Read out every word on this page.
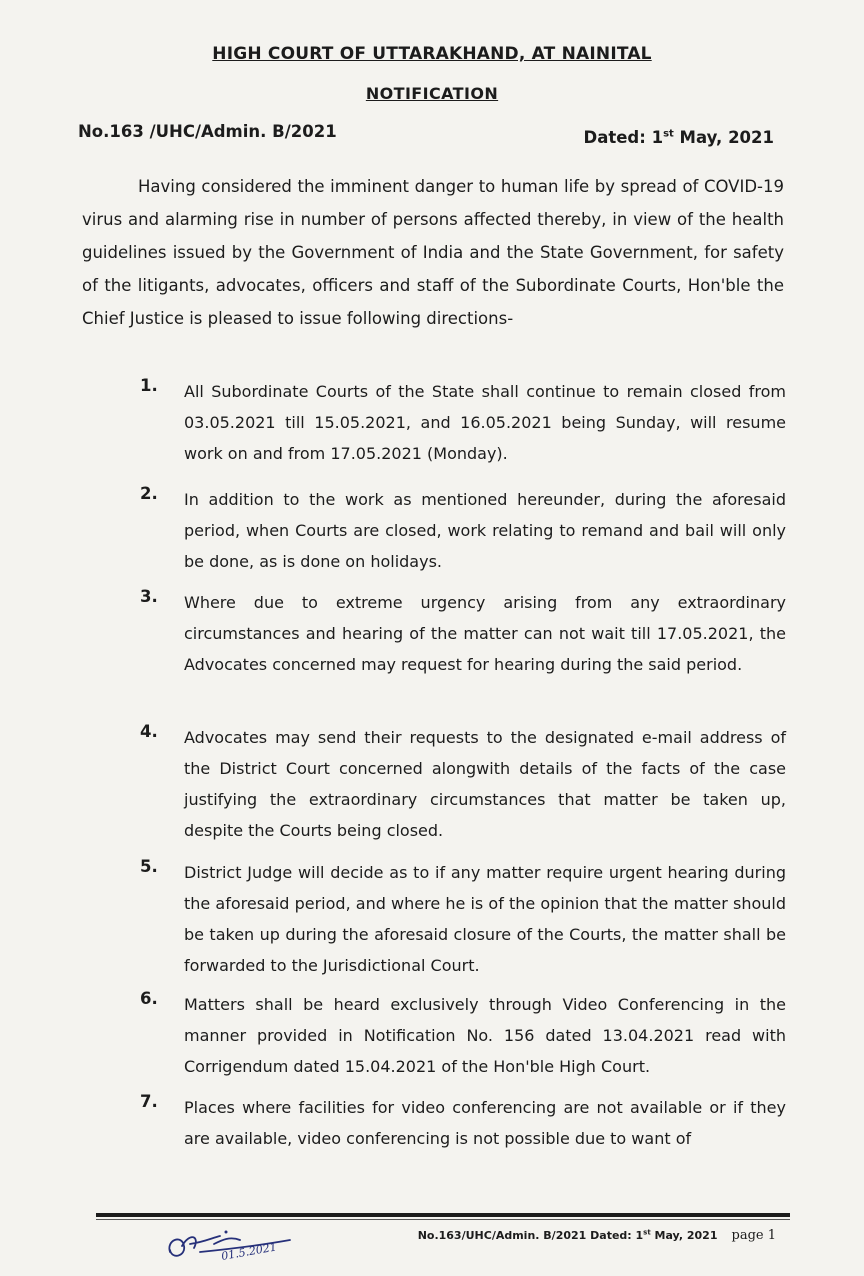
HIGH COURT OF UTTARAKHAND, AT NAINITAL
NOTIFICATION
No.163 /UHC/Admin. B/2021	Dated: 1st May, 2021
Having considered the imminent danger to human life by spread of COVID-19 virus and alarming rise in number of persons affected thereby, in view of the health guidelines issued by the Government of India and the State Government, for safety of the litigants, advocates, officers and staff of the Subordinate Courts, Hon'ble the Chief Justice is pleased to issue following directions-
1.	All Subordinate Courts of the State shall continue to remain closed from 03.05.2021 till 15.05.2021, and 16.05.2021 being Sunday, will resume work on and from 17.05.2021 (Monday).
2.	In addition to the work as mentioned hereunder, during the aforesaid period, when Courts are closed, work relating to remand and bail will only be done, as is done on holidays.
3.	Where due to extreme urgency arising from any extraordinary circumstances and hearing of the matter can not wait till 17.05.2021, the Advocates concerned may request for hearing during the said period.
4.	Advocates may send their requests to the designated e-mail address of the District Court concerned alongwith details of the facts of the case justifying the extraordinary circumstances that matter be taken up, despite the Courts being closed.
5.	District Judge will decide as to if any matter require urgent hearing during the aforesaid period, and where he is of the opinion that the matter should be taken up during the aforesaid closure of the Courts, the matter shall be forwarded to the Jurisdictional Court.
6.	Matters shall be heard exclusively through Video Conferencing in the manner provided in Notification No. 156 dated 13.04.2021 read with Corrigendum dated 15.04.2021 of the Hon'ble High Court.
7.	Places where facilities for video conferencing are not available or if they are available, video conferencing is not possible due to want of
01.5.2021
No.163/UHC/Admin. B/2021 Dated: 1st May, 2021 page 1
